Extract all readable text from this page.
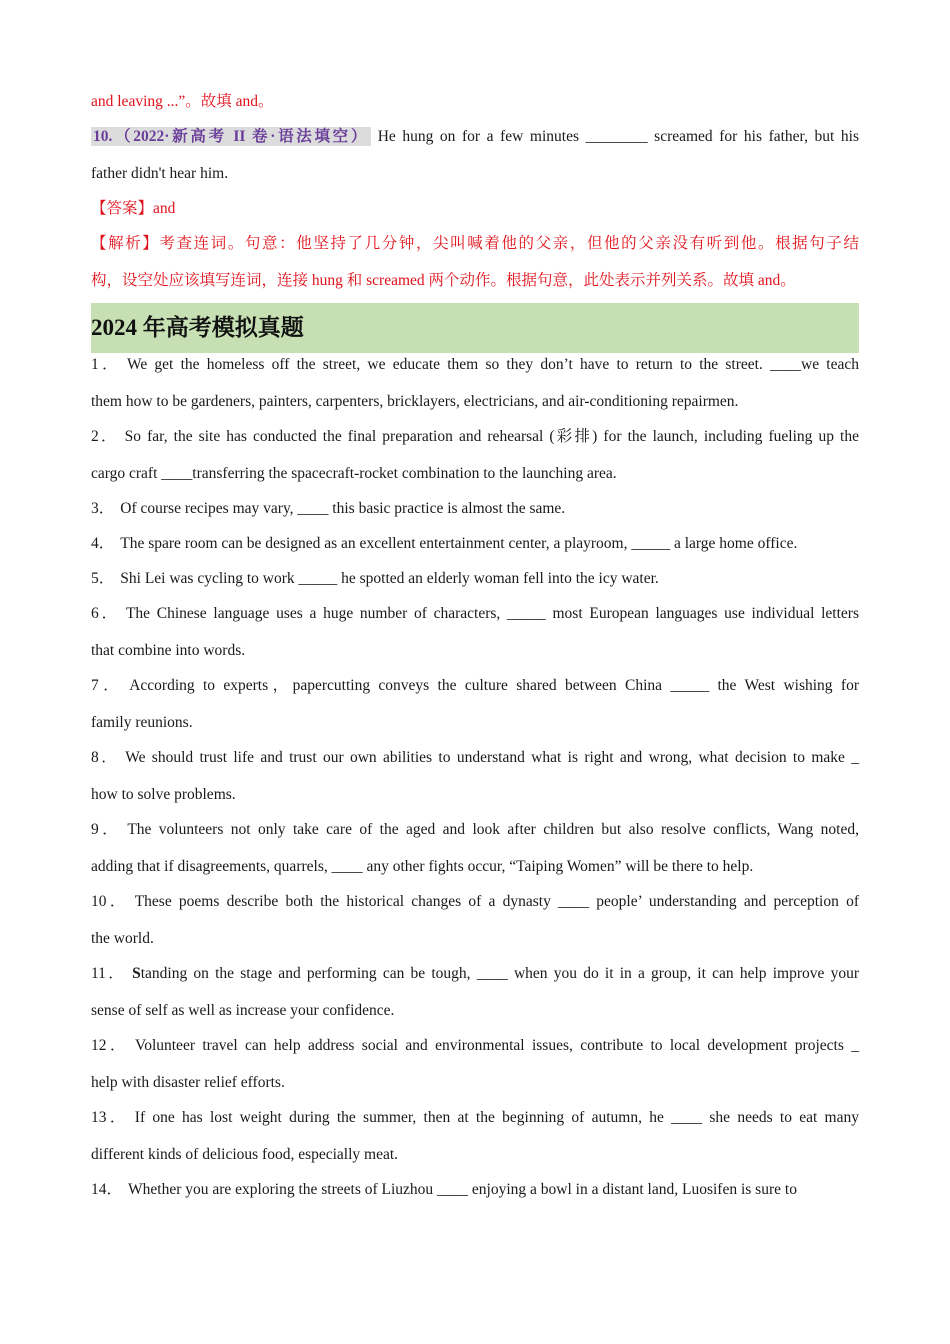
and leaving ...”。故填 and。
10.（2022·新高考 II 卷·语法填空） He hung on for a few minutes ________ screamed for his father, but his
father didn't hear him.
【答案】and
【解析】考查连词。句意：他坚持了几分钟，尖叫喊着他的父亲，但他的父亲没有听到他。根据句子结
构，设空处应该填写连词，连接 hung 和 screamed 两个动作。根据句意，此处表示并列关系。故填 and。
2024 年高考模拟真题
1． We get the homeless off the street, we educate them so they don’t have to return to the street. ____we teach
them how to be gardeners, painters, carpenters, bricklayers, electricians, and air-conditioning repairmen.
2． So far, the site has conducted the final preparation and rehearsal (彩排) for the launch, including fueling up the
cargo craft ____transferring the spacecraft-rocket combination to the launching area.
3． Of course recipes may vary, ____ this basic practice is almost the same.
4． The spare room can be designed as an excellent entertainment center, a playroom, _____ a large home office.
5． Shi Lei was cycling to work _____ he spotted an elderly woman fell into the icy water.
6． The Chinese language uses a huge number of characters, _____ most European languages use individual letters
that combine into words.
7． According to experts，papercutting conveys the culture shared between China _____ the West wishing for
family reunions.
8． We should trust life and trust our own abilities to understand what is right and wrong, what decision to make _
how to solve problems.
9． The volunteers not only take care of the aged and look after children but also resolve conflicts, Wang noted,
adding that if disagreements, quarrels, ____ any other fights occur, “Taiping Women” will be there to help.
10． These poems describe both the historical changes of a dynasty ____ people’ understanding and perception of
the world.
11． Standing on the stage and performing can be tough, ____ when you do it in a group, it can help improve your
sense of self as well as increase your confidence.
12． Volunteer travel can help address social and environmental issues, contribute to local development projects _
help with disaster relief efforts.
13． If one has lost weight during the summer, then at the beginning of autumn, he ____ she needs to eat many
different kinds of delicious food, especially meat.
14． Whether you are exploring the streets of Liuzhou ____ enjoying a bowl in a distant land, Luosifen is sure to
